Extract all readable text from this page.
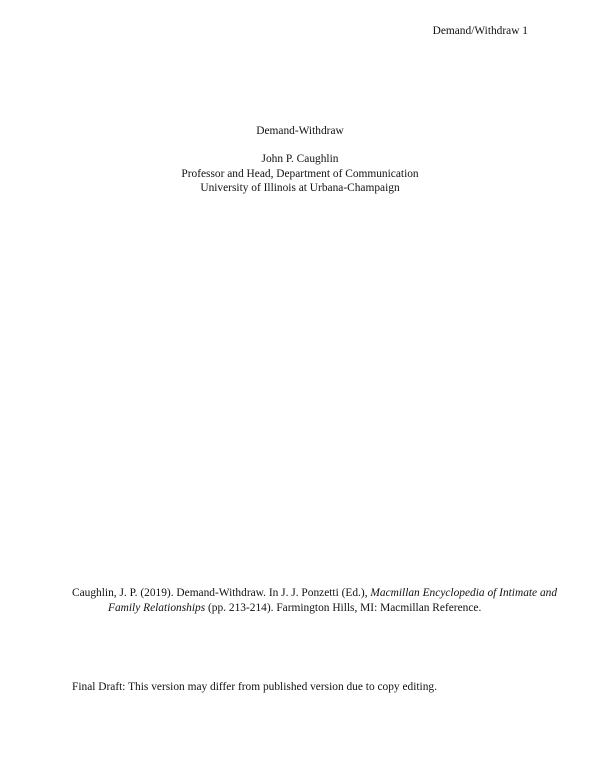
Demand/Withdraw 1
Demand-Withdraw
John P. Caughlin
Professor and Head, Department of Communication
University of Illinois at Urbana-Champaign
Caughlin, J. P. (2019). Demand-Withdraw. In J. J. Ponzetti (Ed.), Macmillan Encyclopedia of Intimate and Family Relationships (pp. 213-214). Farmington Hills, MI: Macmillan Reference.
Final Draft: This version may differ from published version due to copy editing.
